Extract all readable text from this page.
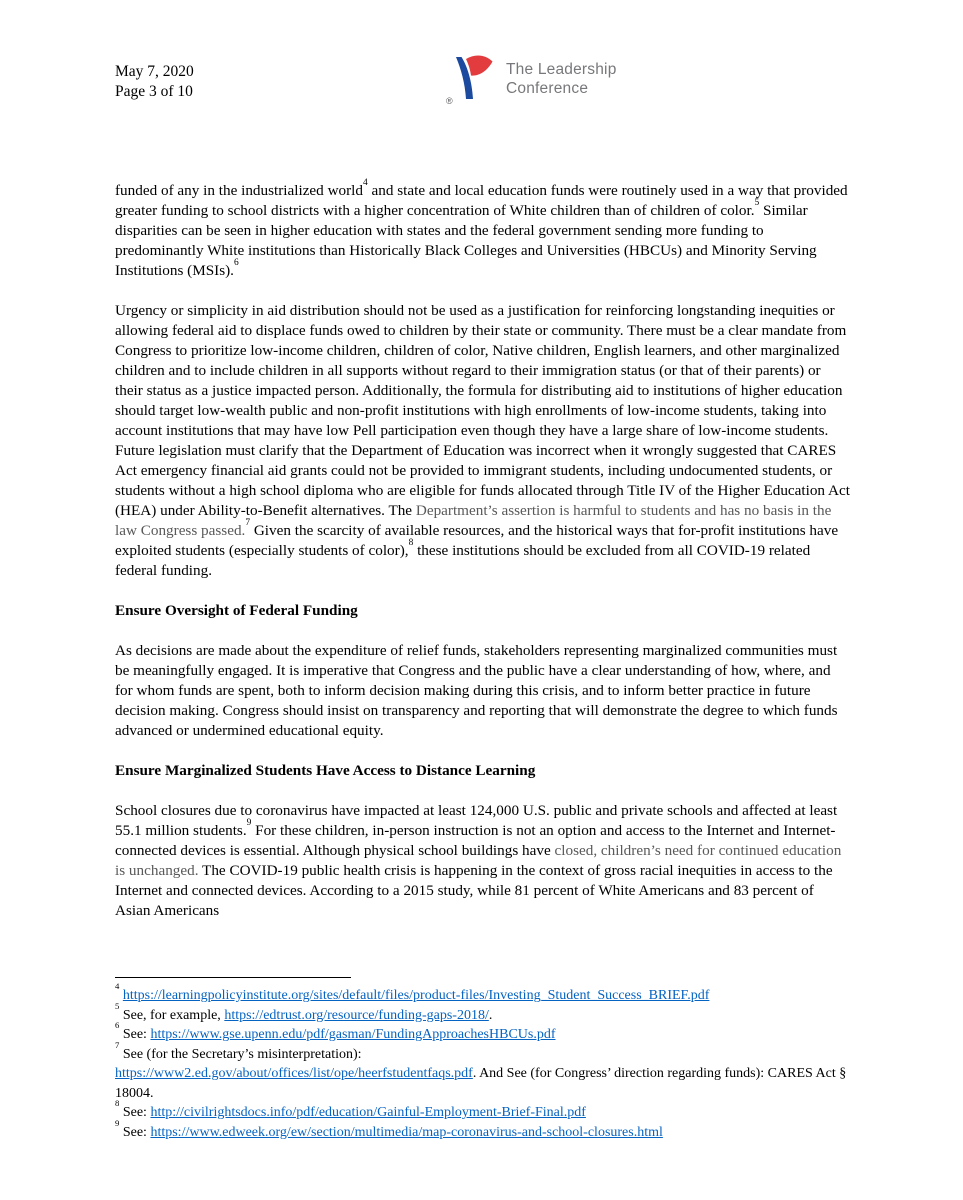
May 7, 2020
Page 3 of 10
®
The Leadership
Conference

funded of any in the industrialized world$^4$ and state and local education funds were routinely used in a way that provided greater funding to school districts with a higher concentration of White children than of children of color.$^5$ Similar disparities can be seen in higher education with states and the federal government sending more funding to predominantly White institutions than Historically Black Colleges and Universities (HBCUs) and Minority Serving Institutions (MSIs).$^6$

Urgency or simplicity in aid distribution should not be used as a justification for reinforcing longstanding inequities or allowing federal aid to displace funds owed to children by their state or community. There must be a clear mandate from Congress to prioritize low-income children, children of color, Native children, English learners, and other marginalized children and to include children in all supports without regard to their immigration status (or that of their parents) or their status as a justice impacted person. Additionally, the formula for distributing aid to institutions of higher education should target low-wealth public and non-profit institutions with high enrollments of low-income students, taking into account institutions that may have low Pell participation even though they have a large share of low-income students. Future legislation must clarify that the Department of Education was incorrect when it wrongly suggested that CARES Act emergency financial aid grants could not be provided to immigrant students, including undocumented students, or students without a high school diploma who are eligible for funds allocated through Title IV of the Higher Education Act (HEA) under Ability-to-Benefit alternatives. The Department’s assertion is harmful to students and has no basis in the law Congress passed.$^7$ Given the scarcity of available resources, and the historical ways that for-profit institutions have exploited students (especially students of color),$^8$ these institutions should be excluded from all COVID-19 related federal funding.

Ensure Oversight of Federal Funding

As decisions are made about the expenditure of relief funds, stakeholders representing marginalized communities must be meaningfully engaged. It is imperative that Congress and the public have a clear understanding of how, where, and for whom funds are spent, both to inform decision making during this crisis, and to inform better practice in future decision making. Congress should insist on transparency and reporting that will demonstrate the degree to which funds advanced or undermined educational equity.

Ensure Marginalized Students Have Access to Distance Learning

School closures due to coronavirus have impacted at least 124,000 U.S. public and private schools and affected at least 55.1 million students.$^9$ For these children, in-person instruction is not an option and access to the Internet and Internet-connected devices is essential. Although physical school buildings have closed, children’s need for continued education is unchanged. The COVID-19 public health crisis is happening in the context of gross racial inequities in access to the Internet and connected devices. According to a 2015 study, while 81 percent of White Americans and 83 percent of Asian Americans

$^4$ https://learningpolicyinstitute.org/sites/default/files/product-files/Investing_Student_Success_BRIEF.pdf
$^5$ See, for example, https://edtrust.org/resource/funding-gaps-2018/.
$^6$ See: https://www.gse.upenn.edu/pdf/gasman/FundingApproachesHBCUs.pdf
$^7$ See (for the Secretary’s misinterpretation):
https://www2.ed.gov/about/offices/list/ope/heerfstudentfaqs.pdf. And See (for Congress’ direction regarding funds): CARES Act § 18004.
$^8$ See: http://civilrightsdocs.info/pdf/education/Gainful-Employment-Brief-Final.pdf
$^9$ See: https://www.edweek.org/ew/section/multimedia/map-coronavirus-and-school-closures.html
